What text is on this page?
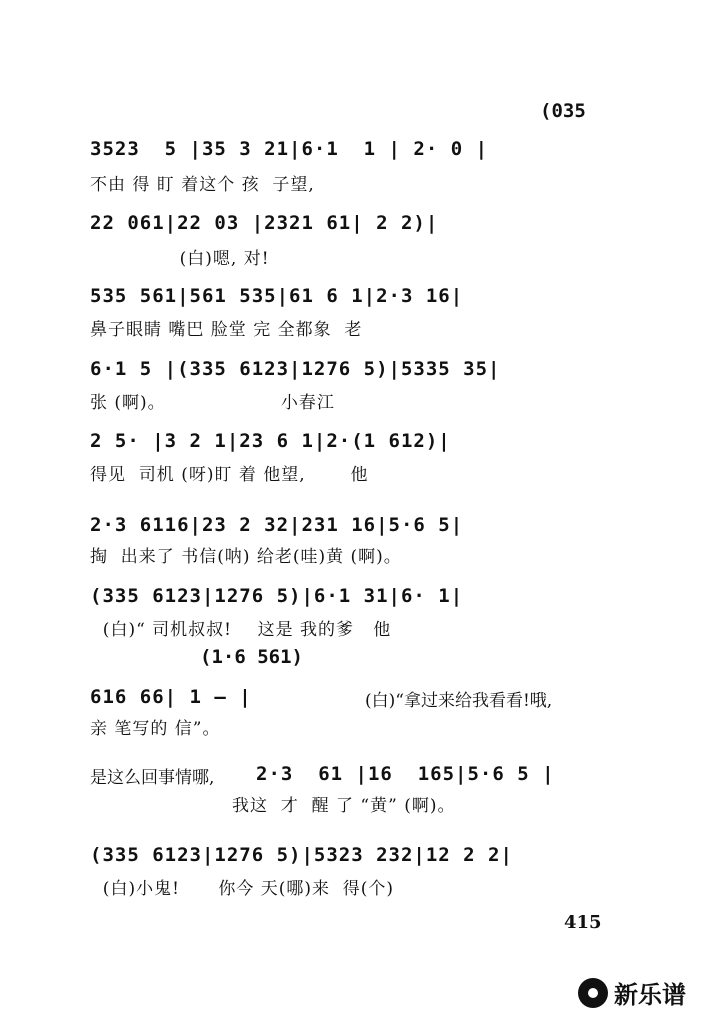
(035
3523  5 |35 3 21|6·1  1 | 2· 0 |
不由 得 盯 着这个 孩  子望,
22 061|22 03 |2321 61| 2 2)|
(白)嗯, 对!
535 561|561 535|61 6 1|2·3 16|
鼻子眼睛 嘴巴 脸堂 完 全都象  老
6·1 5 |(335 6123|1276 5)|5335 35|
张 (啊)。                  小春江
2 5· |3 2 1|23 6 1|2·(1 612)|
得见  司机 (呀)盯 着 他望,       他
2·3 6116|23 2 32|231 16|5·6 5|
掏  出来了 书信(呐) 给老(哇)黄 (啊)。
(335 6123|1276 5)|6·1 31|6· 1|
(白)“ 司机叔叔!    这是 我的爹   他
(1·6 561)
616 66| 1 — |
亲 笔写的 信”。
(白)“拿过来给我看看!哦,
是这么回事情哪, 2·3  61 |16  165|5·6 5 |
我这  才  醒 了 “黄” (啊)。
(335 6123|1276 5)|5323 232|12 2 2|
(白)小鬼!      你今 天(哪)来  得(个)
415
新乐谱
